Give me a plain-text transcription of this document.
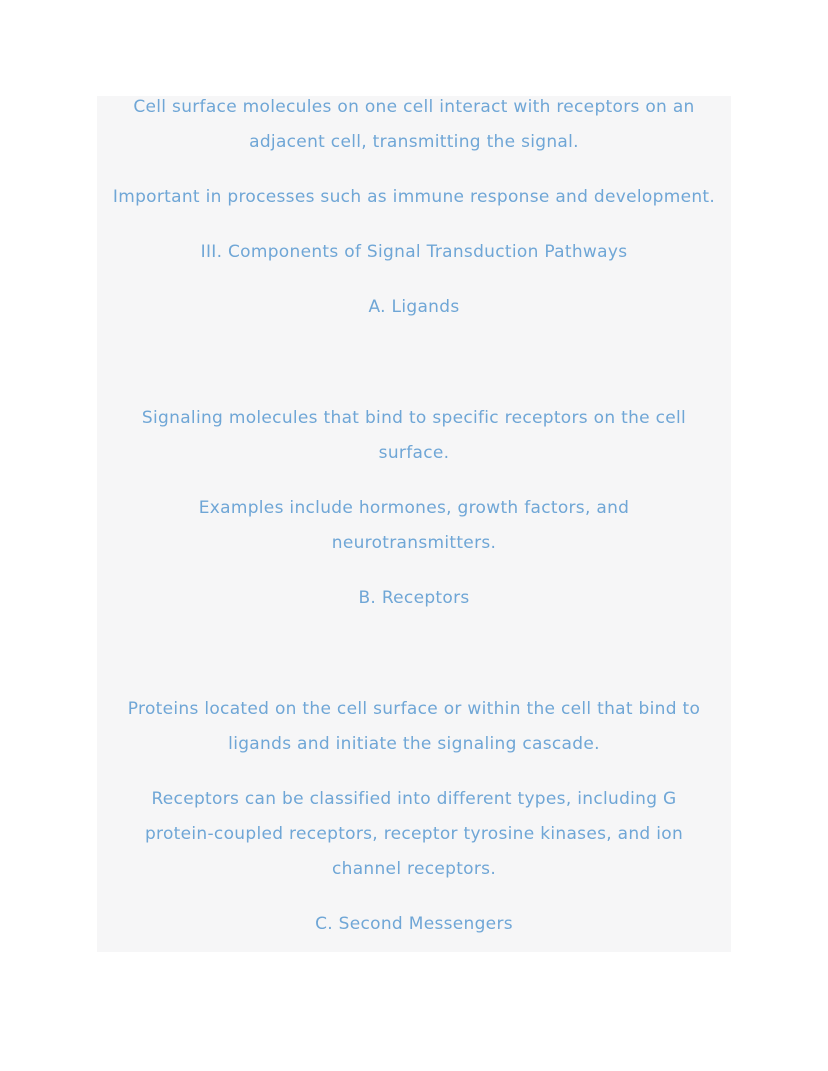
Cell surface molecules on one cell interact with receptors on an
adjacent cell, transmitting the signal.
Important in processes such as immune response and development.
III. Components of Signal Transduction Pathways
A. Ligands
Signaling molecules that bind to specific receptors on the cell
surface.
Examples include hormones, growth factors, and
neurotransmitters.
B. Receptors
Proteins located on the cell surface or within the cell that bind to
ligands and initiate the signaling cascade.
Receptors can be classified into different types, including G
protein-coupled receptors, receptor tyrosine kinases, and ion
channel receptors.
C. Second Messengers
